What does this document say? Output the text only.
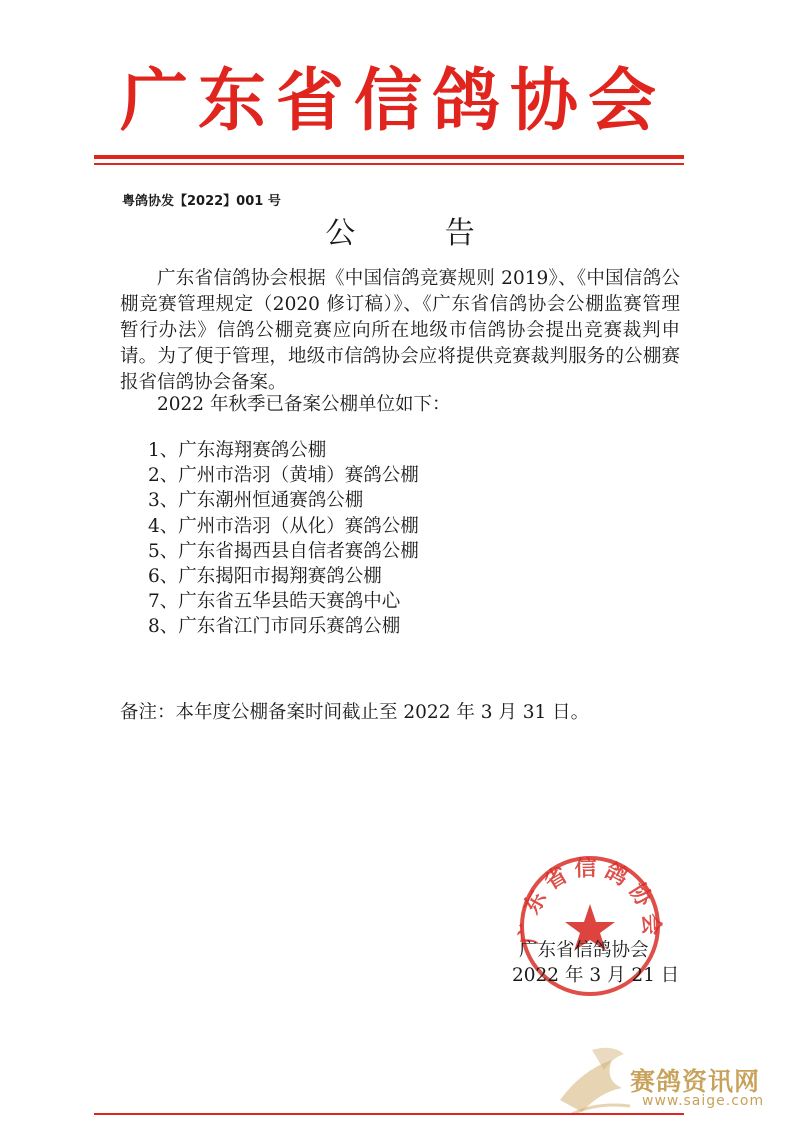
广东省信鸽协会
粤鸽协发【2022】001 号
公 告

广东省信鸽协会根据《中国信鸽竞赛规则 2019》、《中国信鸽公棚竞赛管理规定（2020 修订稿）》、《广东省信鸽协会公棚监赛管理暂行办法》信鸽公棚竞赛应向所在地级市信鸽协会提出竞赛裁判申请。为了便于管理，地级市信鸽协会应将提供竞赛裁判服务的公棚赛报省信鸽协会备案。

2022 年秋季已备案公棚单位如下：
1、广东海翔赛鸽公棚
2、广州市浩羽（黄埔）赛鸽公棚
3、广东潮州恒通赛鸽公棚
4、广州市浩羽（从化）赛鸽公棚
5、广东省揭西县自信者赛鸽公棚
6、广东揭阳市揭翔赛鸽公棚
7、广东省五华县皓天赛鸽中心
8、广东省江门市同乐赛鸽公棚
备注：本年度公棚备案时间截止至 2022 年 3 月 31 日。
广东省信鸽协会
广东省信鸽协会
2022 年 3 月 21 日
赛鸽资讯网
www.saige.com
